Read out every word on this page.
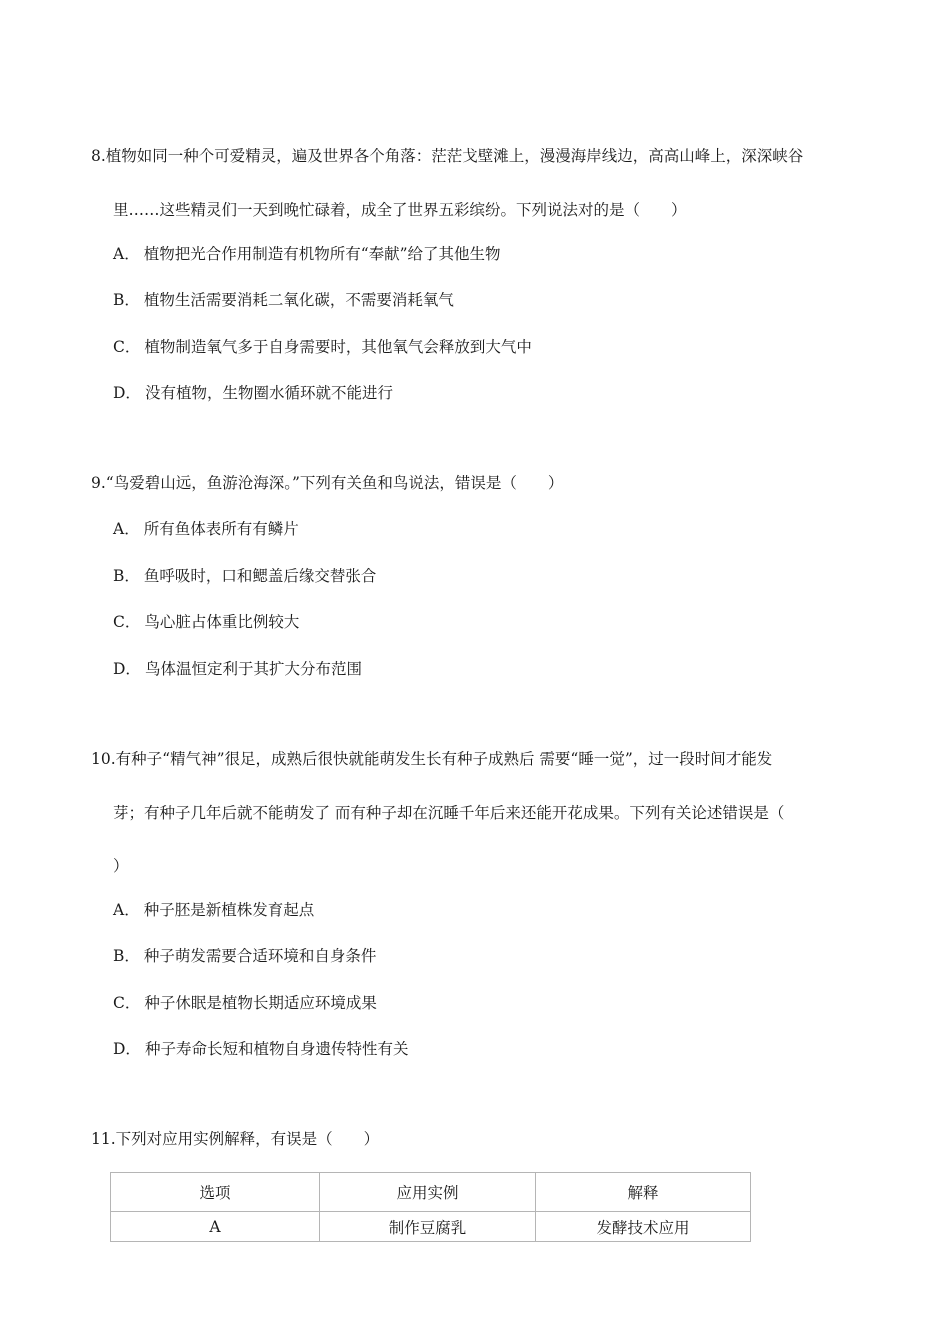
8.植物如同一种个可爱精灵，遍及世界各个角落：茫茫戈壁滩上，漫漫海岸线边，高高山峰上，深深峡谷
里……这些精灵们一天到晚忙碌着，成全了世界五彩缤纷。下列说法对的是（　　）
A． 植物把光合作用制造有机物所有“奉献”给了其他生物
B． 植物生活需要消耗二氧化碳，不需要消耗氧气
C． 植物制造氧气多于自身需要时，其他氧气会释放到大气中
D． 没有植物，生物圈水循环就不能进行
9.“鸟爱碧山远，鱼游沧海深。”下列有关鱼和鸟说法，错误是（　　）
A． 所有鱼体表所有有鳞片
B． 鱼呼吸时，口和鳃盖后缘交替张合
C． 鸟心脏占体重比例较大
D． 鸟体温恒定利于其扩大分布范围
10.有种子“精气神”很足，成熟后很快就能萌发生长有种子成熟后 需要“睡一觉”，过一段时间才能发
芽；有种子几年后就不能萌发了 而有种子却在沉睡千年后来还能开花成果。下列有关论述错误是（
）
A． 种子胚是新植株发育起点
B． 种子萌发需要合适环境和自身条件
C． 种子休眠是植物长期适应环境成果
D． 种子寿命长短和植物自身遗传特性有关
11.下列对应用实例解释，有误是（　　）
选项	应用实例	解释
A	制作豆腐乳	发酵技术应用
